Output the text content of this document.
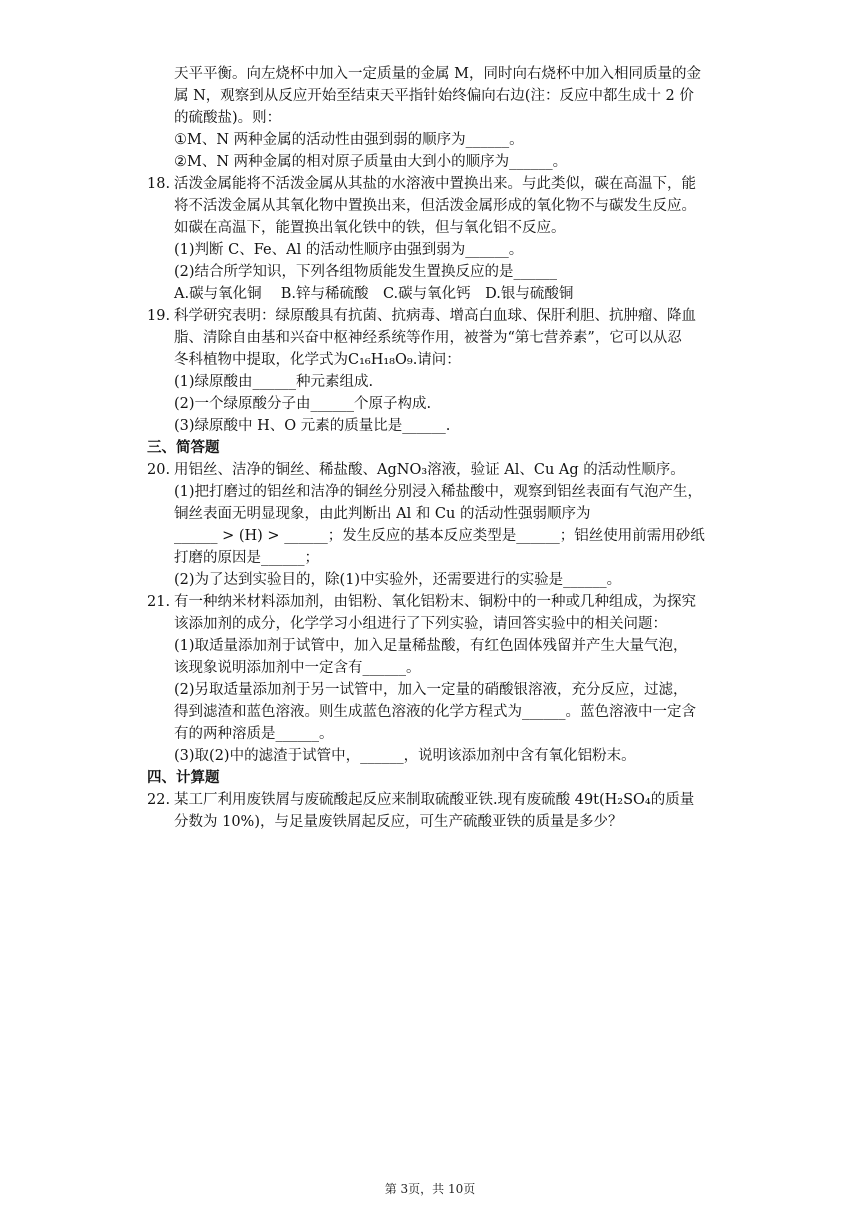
天平平衡。向左烧杯中加入一定质量的金属 M，同时向右烧杯中加入相同质量的金
属 N，观察到从反应开始至结束天平指针始终偏向右边(注：反应中都生成十 2 价
的硫酸盐)。则：
①M、N 两种金属的活动性由强到弱的顺序为______。
②M、N 两种金属的相对原子质量由大到小的顺序为______。
18. 活泼金属能将不活泼金属从其盐的水溶液中置换出来。与此类似，碳在高温下，能
将不活泼金属从其氧化物中置换出来，但活泼金属形成的氧化物不与碳发生反应。
如碳在高温下，能置换出氧化铁中的铁，但与氧化铝不反应。
(1)判断 C、Fe、Al 的活动性顺序由强到弱为______。
(2)结合所学知识，下列各组物质能发生置换反应的是______
A.碳与氧化铜　 B.锌与稀硫酸　C.碳与氧化钙　D.银与硫酸铜
19. 科学研究表明：绿原酸具有抗菌、抗病毒、增高白血球、保肝利胆、抗肿瘤、降血
脂、清除自由基和兴奋中枢神经系统等作用，被誉为“第七营养素”，它可以从忍
冬科植物中提取，化学式为C₁₆H₁₈O₉.请问：
(1)绿原酸由______种元素组成.
(2)一个绿原酸分子由______个原子构成.
(3)绿原酸中 H、O 元素的质量比是______.
三、简答题
20. 用铝丝、洁净的铜丝、稀盐酸、AgNO₃溶液，验证 Al、Cu Ag 的活动性顺序。
(1)把打磨过的铝丝和洁净的铜丝分别浸入稀盐酸中，观察到铝丝表面有气泡产生，
铜丝表面无明显现象，由此判断出 Al 和 Cu 的活动性强弱顺序为
______ > (H) > ______；发生反应的基本反应类型是______；铝丝使用前需用砂纸
打磨的原因是______；
(2)为了达到实验目的，除(1)中实验外，还需要进行的实验是______。
21. 有一种纳米材料添加剂，由铝粉、氧化铝粉末、铜粉中的一种或几种组成，为探究
该添加剂的成分，化学学习小组进行了下列实验，请回答实验中的相关问题：
(1)取适量添加剂于试管中，加入足量稀盐酸，有红色固体残留并产生大量气泡，
该现象说明添加剂中一定含有______。
(2)另取适量添加剂于另一试管中，加入一定量的硝酸银溶液，充分反应，过滤，
得到滤渣和蓝色溶液。则生成蓝色溶液的化学方程式为______。蓝色溶液中一定含
有的两种溶质是______。
(3)取(2)中的滤渣于试管中，______，说明该添加剂中含有氧化铝粉末。
四、计算题
22. 某工厂利用废铁屑与废硫酸起反应来制取硫酸亚铁.现有废硫酸 49t(H₂SO₄的质量
分数为 10%)，与足量废铁屑起反应，可生产硫酸亚铁的质量是多少？
第 3页，共 10页
